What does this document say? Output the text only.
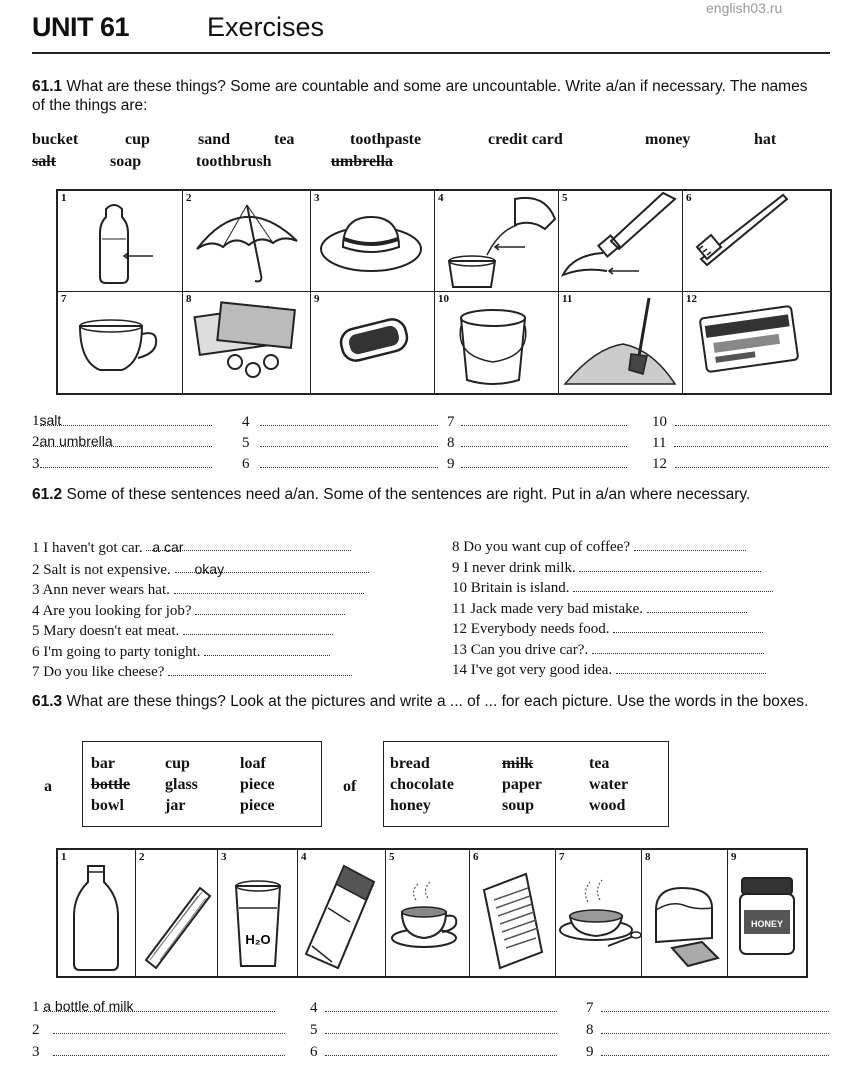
english03.ru
UNIT 61	Exercises
61.1 What are these things? Some are countable and some are uncountable. Write a/an if necessary. The names of the things are:
bucket	cup	sand	tea	toothpaste	credit card	money	hat
salt	soap	toothbrush	umbrella
1	2	3	4	5	6
7	8	9	10	11	12
1salt
2an umbrella
3
4
5
6
7
8
9
10
11
12
61.2 Some of these sentences need a/an. Some of the sentences are right. Put in a/an where necessary.
1 I haven't got car. a car
2 Salt is not expensive. okay
3 Ann never wears hat.
4 Are you looking for job?
5 Mary doesn't eat meat.
6 I'm going to party tonight.
7 Do you like cheese?
8 Do you want cup of coffee?
9 I never drink milk.
10 Britain is island.
11 Jack made very bad mistake.
12 Everybody needs food.
13 Can you drive car?.
14 I've got very good idea.
61.3 What are these things? Look at the pictures and write a ... of ... for each picture. Use the words in the boxes.
a
bar	cup	loaf
bottle glass	piece
bowl	jar	piece
of
bread	milk	tea
chocolate	paper	water
honey	soup	wood
1	2	3
H₂O
4	5	6	7	8	9
HONEY
1 a bottle of milk
2
3
4
5
6
7
8
9
